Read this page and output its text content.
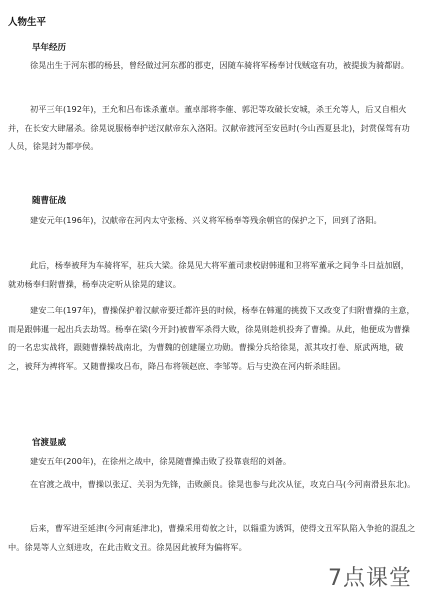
人物生平
早年经历
徐晃出生于河东郡的杨县，曾经做过河东郡的郡吏，因随车骑将军杨奉讨伐贼寇有功，被提拔为骑都尉。
初平三年(192年)，王允和吕布诛杀董卓。董卓部将李傕、郭汜等攻破长安城，杀王允等人，后又自相火并，在长安大肆屠杀。徐晃说服杨奉护送汉献帝东入洛阳。汉献帝渡河至安邑时(今山西夏县北)，封赏保驾有功人员，徐晃封为都亭侯。
随曹征战
建安元年(196年)，汉献帝在河内太守张杨、兴义将军杨奉等残余朝官的保护之下，回到了洛阳。
此后，杨奉被拜为车骑将军，驻兵大梁。徐晃见大将军董司隶校尉韩暹和卫将军董承之间争斗日益加剧，就劝杨奉归附曹操，杨奉决定听从徐晃的建议。
建安二年(197年)，曹操保护着汉献帝要迁都许县的时候，杨奉在韩暹的挑拨下又改变了归附曹操的主意，而是跟韩暹一起出兵去劫驾。杨奉在梁(今开封)被曹军杀得大败，徐晃则趁机投奔了曹操。从此，他便成为曹操的一名忠实战将，跟随曹操转战南北，为曹魏的创建屡立功勋。曹操分兵给徐晃，派其攻打卷、原武两地，破之，被拜为裨将军。又随曹操攻吕布，降吕布将领赵庶、李邹等。后与史涣在河内斩杀眭固。
官渡显威
建安五年(200年)，在徐州之战中，徐晃随曹操击败了投靠袁绍的刘备。
在官渡之战中，曹操以张辽、关羽为先锋，击败颜良。徐晃也参与此次从征，攻克白马(今河南滑县东北)。
后来，曹军进至延津(今河南延津北)，曹操采用荀攸之计，以辎重为诱饵，使得文丑军队陷入争抢的混乱之中。徐晃等人立刻进攻，在此击败文丑。徐晃因此被拜为偏将军。
7点课堂
